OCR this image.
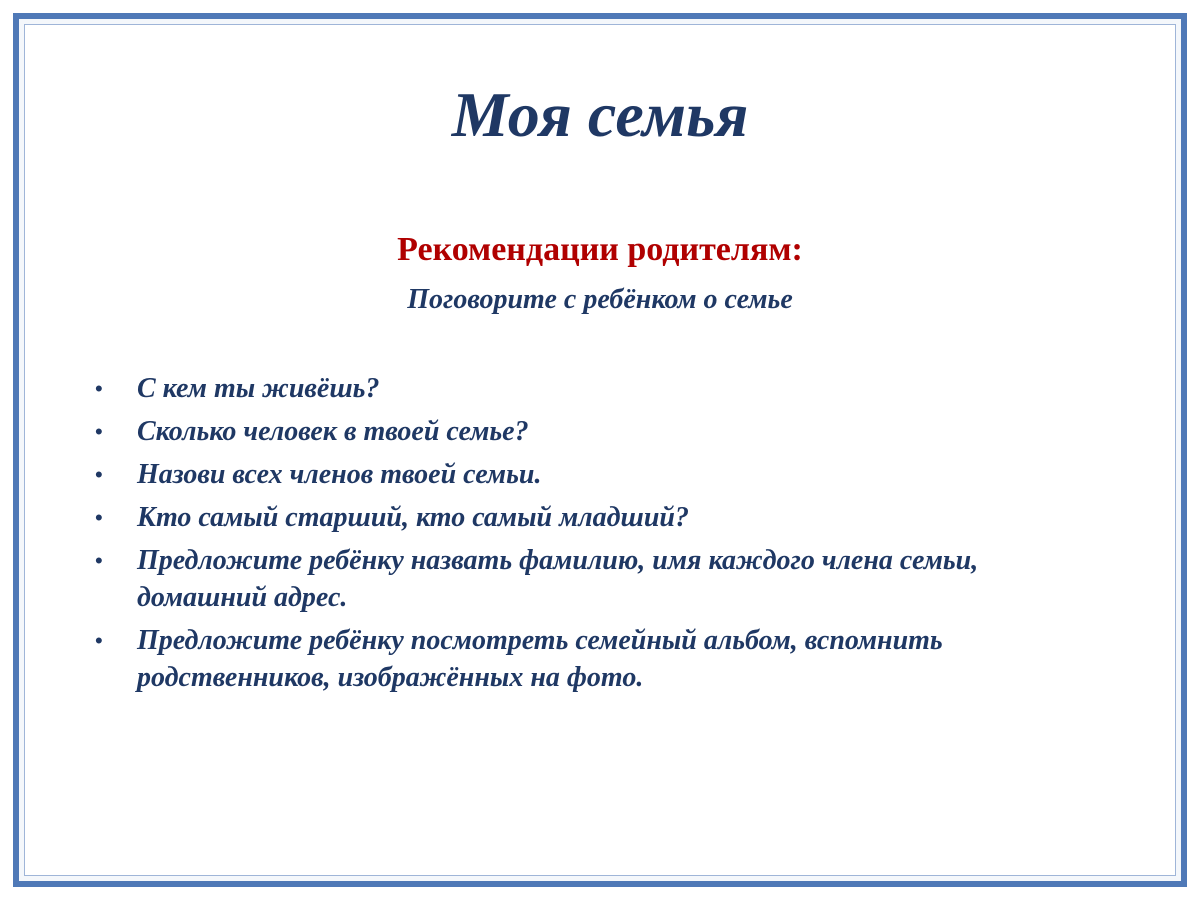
Моя семья
Рекомендации родителям:
Поговорите с ребёнком о семье
• С кем ты живёшь?
• Сколько человек в твоей семье?
• Назови всех членов твоей семьи.
• Кто самый старший, кто самый младший?
• Предложите ребёнку назвать фамилию, имя каждого члена семьи, домашний адрес.
• Предложите ребёнку посмотреть семейный альбом, вспомнить родственников, изображённых на фото.
